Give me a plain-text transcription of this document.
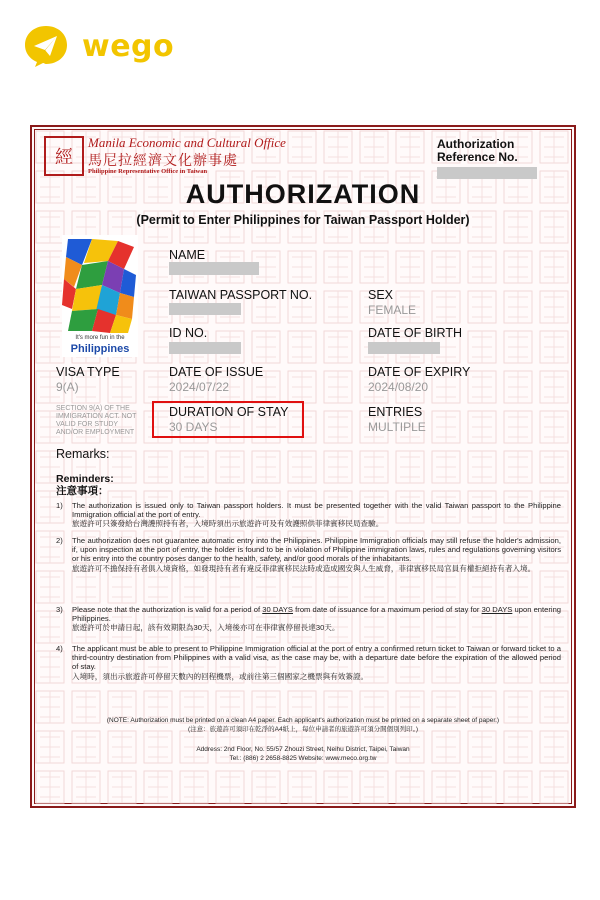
wego
經
Manila Economic and Cultural Office
馬尼拉經濟文化辦事處
Philippine Representative Office in Taiwan
Authorization
Reference No.
AUTHORIZATION
(Permit to Enter Philippines for Taiwan Passport Holder)
It's more fun in the
Philippines
NAME
TAIWAN PASSPORT NO.	SEX
FEMALE
ID NO.	DATE OF BIRTH
VISA TYPE
9(A)
DATE OF ISSUE
2024/07/22
DATE OF EXPIRY
2024/08/20
SECTION 9(A) OF THE
IMMIGRATION ACT. NOT
VALID FOR STUDY
AND/OR EMPLOYMENT
DURATION OF STAY
30 DAYS
ENTRIES
MULTIPLE
Remarks:
Reminders:
注意事項：
1) The authorization is issued only to Taiwan passport holders. It must be presented together with the valid Taiwan passport to the Philippine Immigration official at the port of entry.
旅遊許可只簽發給台灣護照持有者，入境時須出示旅遊許可及有效護照供菲律賓移民局查驗。
2) The authorization does not guarantee automatic entry into the Philippines. Philippine Immigration officials may still refuse the holder's admission, if, upon inspection at the port of entry, the holder is found to be in violation of Philippine immigration laws, rules and regulations governing visitors or his entry into the country poses danger to the health, safety, and/or good morals of the inhabitants.
旅遊許可不擔保持有者俱入境資格，如發現持有者有違反菲律賓移民法時或造成國安與人生威脅，菲律賓移民局官員有權拒絕持有者入境。
3) Please note that the authorization is valid for a period of 30 DAYS from date of issuance for a maximum period of stay for 30 DAYS upon entering Philippines.
旅遊許可於申請日起，該有效期限為30天，入境後亦可在菲律賓停留長達30天。
4) The applicant must be able to present to Philippine Immigration official at the port of entry a confirmed return ticket to Taiwan or forward ticket to a third-country destination from Philippines with a valid visa, as the case may be, with a departure date before the expiration of the allowed period of stay.
入境時，須出示旅遊許可停留天數內的回程機票，或前往第三個國家之機票與有效簽證。
(NOTE: Authorization must be printed on a clean A4 paper. Each applicant's authorization must be printed on a separate sheet of paper.)
(注意：旅遊許可須印在乾淨的A4紙上，每位申請者的旅遊許可須分開個別列印。)
Address: 2nd Floor, No. 55/57 Zhouzi Street, Neihu District, Taipei, Taiwan
Tel.: (886) 2 2658-8825 Website: www.meco.org.tw
